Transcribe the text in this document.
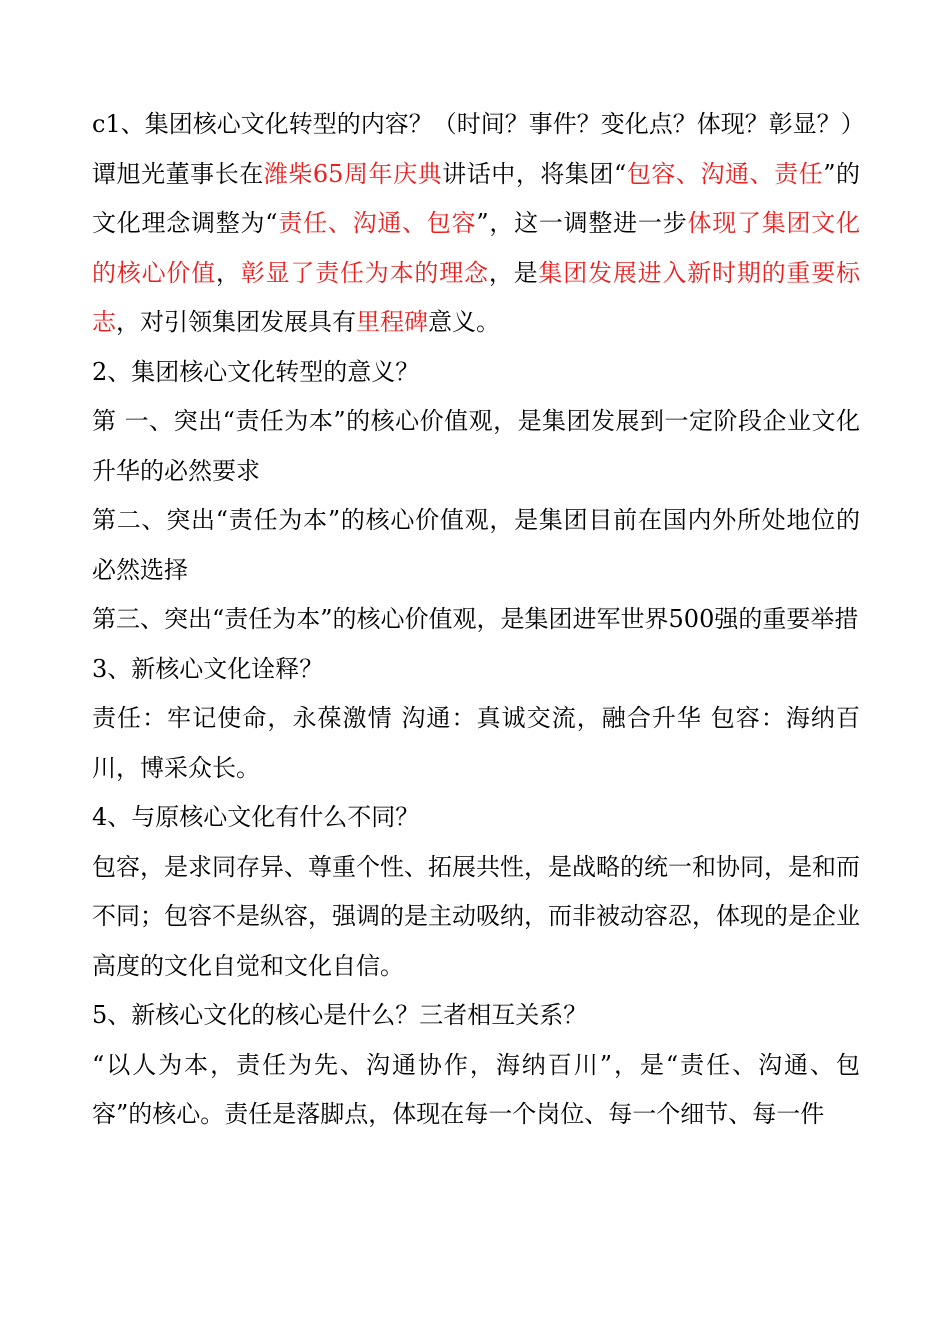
c1、集团核心文化转型的内容？（时间？事件？变化点？体现？彰显？）

谭旭光董事长在潍柴65周年庆典讲话中，将集团“包容、沟通、责任”的文化理念调整为“责任、沟通、包容”，这一调整进一步体现了集团文化的核心价值，彰显了责任为本的理念，是集团发展进入新时期的重要标志，对引领集团发展具有里程碑意义。

2、集团核心文化转型的意义？

第 一、突出“责任为本”的核心价值观，是集团发展到一定阶段企业文化升华的必然要求

第二、突出“责任为本”的核心价值观，是集团目前在国内外所处地位的必然选择

第三、突出“责任为本”的核心价值观，是集团进军世界500强的重要举措

3、新核心文化诠释？

责任：牢记使命，永葆激情 沟通：真诚交流，融合升华 包容：海纳百川，博采众长。

4、与原核心文化有什么不同？

包容，是求同存异、尊重个性、拓展共性，是战略的统一和协同，是和而不同；包容不是纵容，强调的是主动吸纳，而非被动容忍，体现的是企业高度的文化自觉和文化自信。

5、新核心文化的核心是什么？三者相互关系？

“以人为本，责任为先、沟通协作，海纳百川”，是“责任、沟通、包容”的核心。责任是落脚点，体现在每一个岗位、每一个细节、每一件
